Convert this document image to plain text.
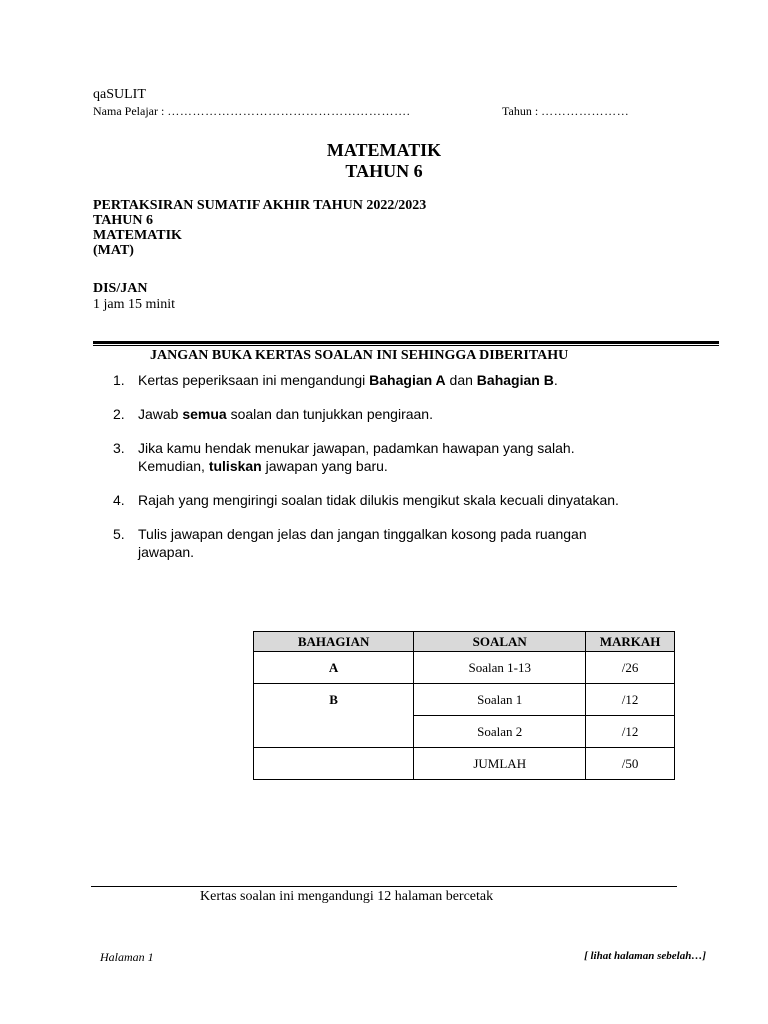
qaSULIT
Nama Pelajar : ………………………………………………….	Tahun : …………………
MATEMATIK
TAHUN 6
PERTAKSIRAN SUMATIF AKHIR TAHUN 2022/2023
TAHUN 6
MATEMATIK
(MAT)
DIS/JAN
1 jam 15 minit
JANGAN BUKA KERTAS SOALAN INI SEHINGGA DIBERITAHU
1. Kertas peperiksaan ini mengandungi Bahagian A dan Bahagian B.
2. Jawab semua soalan dan tunjukkan pengiraan.
3. Jika kamu hendak menukar jawapan, padamkan hawapan yang salah.
Kemudian, tuliskan jawapan yang baru.
4. Rajah yang mengiringi soalan tidak dilukis mengikut skala kecuali dinyatakan.
5. Tulis jawapan dengan jelas dan jangan tinggalkan kosong pada ruangan
jawapan.
BAHAGIAN	SOALAN	MARKAH
A	Soalan 1-13	/26
B	Soalan 1	/12
	Soalan 2	/12
	JUMLAH	/50
Kertas soalan ini mengandungi 12 halaman bercetak
Halaman 1	[ lihat halaman sebelah…]
